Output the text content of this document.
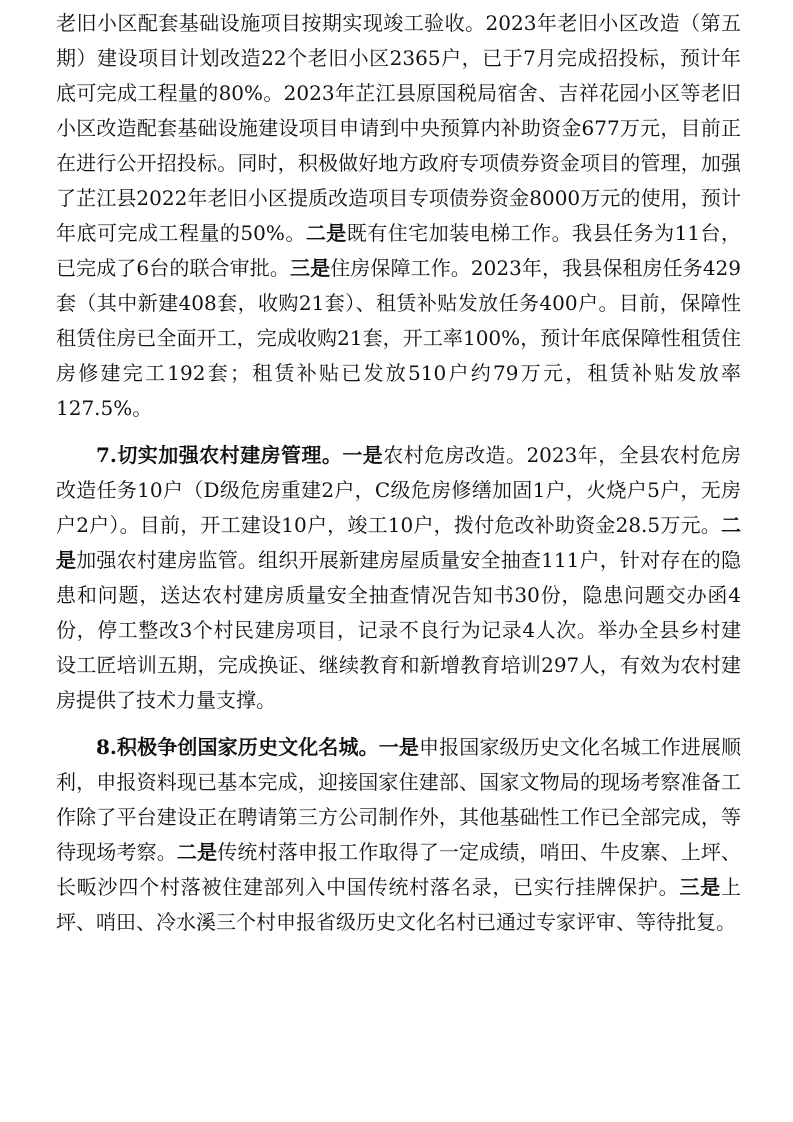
老旧小区配套基础设施项目按期实现竣工验收。2023年老旧小区改造（第五期）建设项目计划改造22个老旧小区2365户，已于7月完成招投标，预计年底可完成工程量的80%。2023年芷江县原国税局宿舍、吉祥花园小区等老旧小区改造配套基础设施建设项目申请到中央预算内补助资金677万元，目前正在进行公开招投标。同时，积极做好地方政府专项债券资金项目的管理，加强了芷江县2022年老旧小区提质改造项目专项债券资金8000万元的使用，预计年底可完成工程量的50%。二是既有住宅加装电梯工作。我县任务为11台，已完成了6台的联合审批。三是住房保障工作。2023年，我县保租房任务429套（其中新建408套，收购21套）、租赁补贴发放任务400户。目前，保障性租赁住房已全面开工，完成收购21套，开工率100%，预计年底保障性租赁住房修建完工192套；租赁补贴已发放510户约79万元，租赁补贴发放率127.5%。

7.切实加强农村建房管理。一是农村危房改造。2023年，全县农村危房改造任务10户（D级危房重建2户，C级危房修缮加固1户，火烧户5户，无房户2户）。目前，开工建设10户，竣工10户，拨付危改补助资金28.5万元。二是加强农村建房监管。组织开展新建房屋质量安全抽查111户，针对存在的隐患和问题，送达农村建房质量安全抽查情况告知书30份，隐患问题交办函4份，停工整改3个村民建房项目，记录不良行为记录4人次。举办全县乡村建设工匠培训五期，完成换证、继续教育和新增教育培训297人，有效为农村建房提供了技术力量支撑。

8.积极争创国家历史文化名城。一是申报国家级历史文化名城工作进展顺利，申报资料现已基本完成，迎接国家住建部、国家文物局的现场考察准备工作除了平台建设正在聘请第三方公司制作外，其他基础性工作已全部完成，等待现场考察。二是传统村落申报工作取得了一定成绩，哨田、牛皮寨、上坪、长畈沙四个村落被住建部列入中国传统村落名录，已实行挂牌保护。三是上坪、哨田、冷水溪三个村申报省级历史文化名村已通过专家评审、等待批复。
